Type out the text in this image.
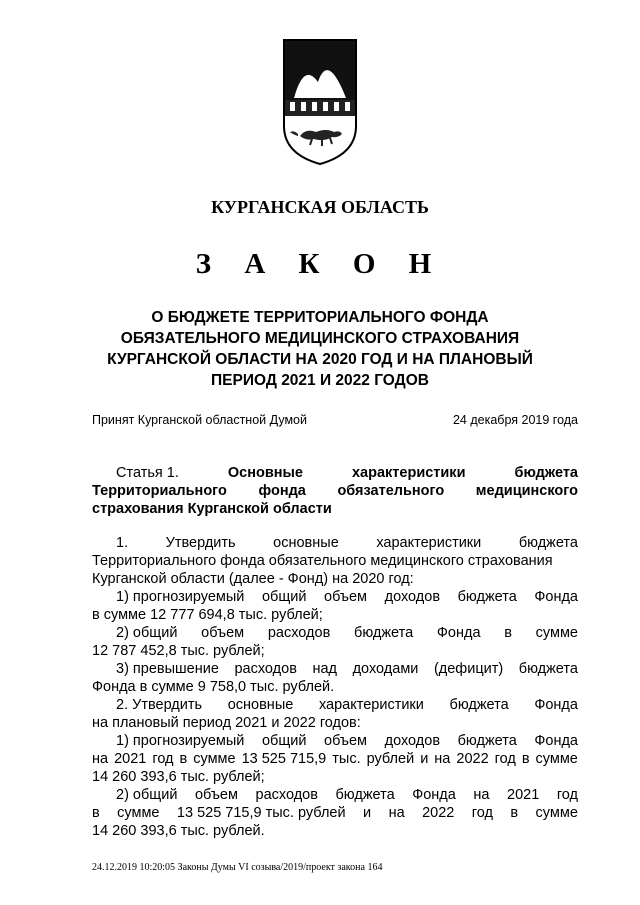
КУРГАНСКАЯ ОБЛАСТЬ
З А К О Н
О БЮДЖЕТЕ ТЕРРИТОРИАЛЬНОГО ФОНДА
ОБЯЗАТЕЛЬНОГО МЕДИЦИНСКОГО СТРАХОВАНИЯ
КУРГАНСКОЙ ОБЛАСТИ НА 2020 ГОД И НА ПЛАНОВЫЙ
ПЕРИОД 2021 И 2022 ГОДОВ
Принят Курганской областной Думой	24 декабря 2019 года
Статья 1.	Основные	характеристики	бюджета
Территориального фонда обязательного медицинского
страхования Курганской области
1.	Утвердить	основные	характеристики	бюджета
Территориального фонда обязательного медицинского страхования
Курганской области (далее - Фонд) на 2020 год:
1) прогнозируемый общий объем доходов бюджета Фонда
в сумме 12 777 694,8 тыс. рублей;
2) общий объем расходов бюджета Фонда в сумме
12 787 452,8 тыс. рублей;
3) превышение расходов над доходами (дефицит) бюджета
Фонда в сумме 9 758,0 тыс. рублей.
2. Утвердить основные характеристики бюджета Фонда
на плановый период 2021 и 2022 годов:
1) прогнозируемый общий объем доходов бюджета Фонда
на 2021 год в сумме 13 525 715,9 тыс. рублей и на 2022 год в сумме
14 260 393,6 тыс. рублей;
2) общий объем расходов бюджета Фонда на 2021 год
в сумме 13 525 715,9 тыс. рублей и на 2022 год в сумме
14 260 393,6 тыс. рублей.
24.12.2019 10:20:05 Законы Думы VI созыва/2019/проект закона 164
